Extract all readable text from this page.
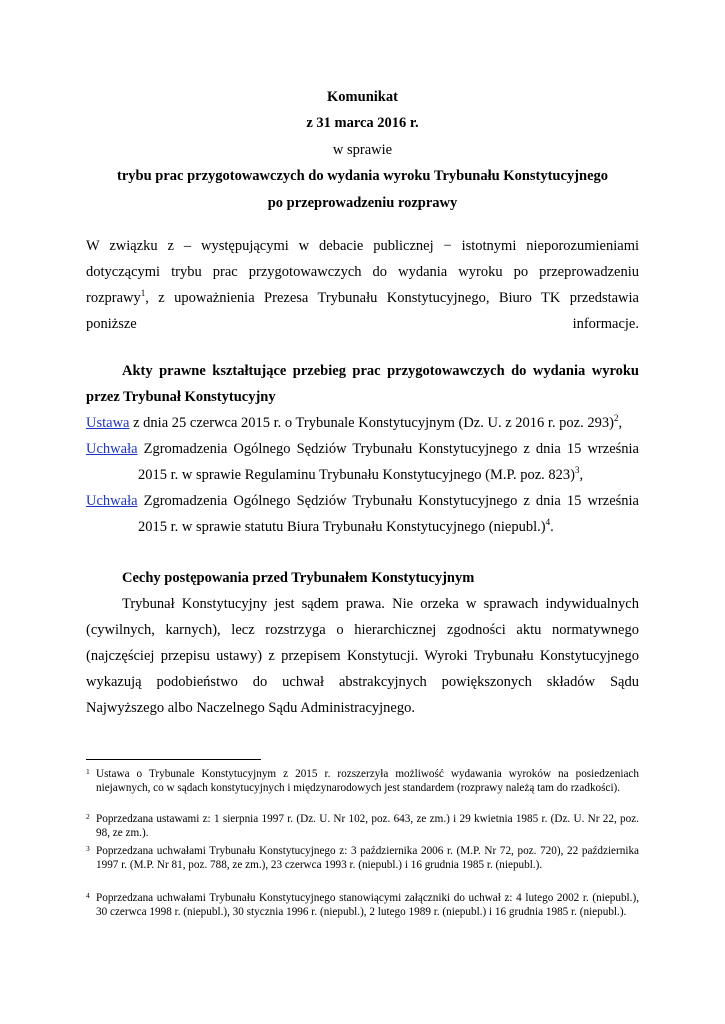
Komunikat
z 31 marca 2016 r.
w sprawie
trybu prac przygotowawczych do wydania wyroku Trybunału Konstytucyjnego
po przeprowadzeniu rozprawy
W związku z – występującymi w debacie publicznej − istotnymi nieporozumieniami dotyczącymi trybu prac przygotowawczych do wydania wyroku po przeprowadzeniu rozprawy$^1$, z upoważnienia Prezesa Trybunału Konstytucyjnego, Biuro TK przedstawia poniższe informacje.
Akty prawne kształtujące przebieg prac przygotowawczych do wydania wyroku
przez Trybunał Konstytucyjny
Ustawa z dnia 25 czerwca 2015 r. o Trybunale Konstytucyjnym (Dz. U. z 2016 r. poz. 293)$^2$,
Uchwała Zgromadzenia Ogólnego Sędziów Trybunału Konstytucyjnego z dnia 15 września 2015 r. w sprawie Regulaminu Trybunału Konstytucyjnego (M.P. poz. 823)$^3$,
Uchwała Zgromadzenia Ogólnego Sędziów Trybunału Konstytucyjnego z dnia 15 września 2015 r. w sprawie statutu Biura Trybunału Konstytucyjnego (niepubl.)$^4$.
Cechy postępowania przed Trybunałem Konstytucyjnym
Trybunał Konstytucyjny jest sądem prawa. Nie orzeka w sprawach indywidualnych (cywilnych, karnych), lecz rozstrzyga o hierarchicznej zgodności aktu normatywnego (najczęściej przepisu ustawy) z przepisem Konstytucji. Wyroki Trybunału Konstytucyjnego wykazują podobieństwo do uchwał abstrakcyjnych powiększonych składów Sądu Najwyższego albo Naczelnego Sądu Administracyjnego.
1 Ustawa o Trybunale Konstytucyjnym z 2015 r. rozszerzyła możliwość wydawania wyroków na posiedzeniach niejawnych, co w sądach konstytucyjnych i międzynarodowych jest standardem (rozprawy należą tam do rzadkości).
2 Poprzedzana ustawami z: 1 sierpnia 1997 r. (Dz. U. Nr 102, poz. 643, ze zm.) i 29 kwietnia 1985 r. (Dz. U. Nr 22, poz. 98, ze zm.).
3 Poprzedzana uchwałami Trybunału Konstytucyjnego z: 3 października 2006 r. (M.P. Nr 72, poz. 720), 22 października 1997 r. (M.P. Nr 81, poz. 788, ze zm.), 23 czerwca 1993 r. (niepubl.) i 16 grudnia 1985 r. (niepubl.).
4 Poprzedzana uchwałami Trybunału Konstytucyjnego stanowiącymi załączniki do uchwał z: 4 lutego 2002 r. (niepubl.), 30 czerwca 1998 r. (niepubl.), 30 stycznia 1996 r. (niepubl.), 2 lutego 1989 r. (niepubl.) i 16 grudnia 1985 r. (niepubl.).
